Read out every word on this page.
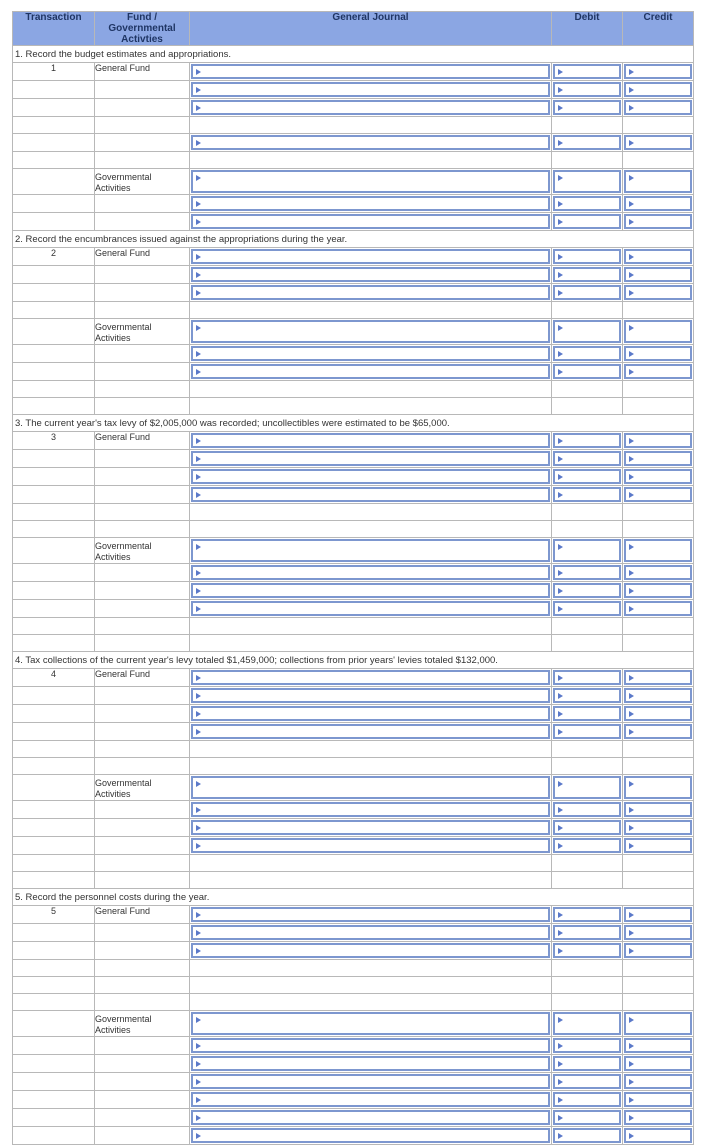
Transaction	Fund /
Governmental
Activties	General Journal	Debit	Credit
1. Record the budget estimates and appropriations.				
1	General Fund	

	Governmental
Activities			

2. Record the encumbrances issued against the appropriations during the year.				
2	General Fund	

	Governmental
Activities			

3. The current year's tax levy of $2,005,000 was recorded; uncollectibles were estimated to be $65,000.				
3	General Fund	

	Governmental
Activities			

4. Tax collections of the current year's levy totaled $1,459,000; collections from prior years' levies totaled $132,000.				
4	General Fund	

	Governmental
Activities			

5. Record the personnel costs during the year.				
5	General Fund	

	Governmental
Activities			
